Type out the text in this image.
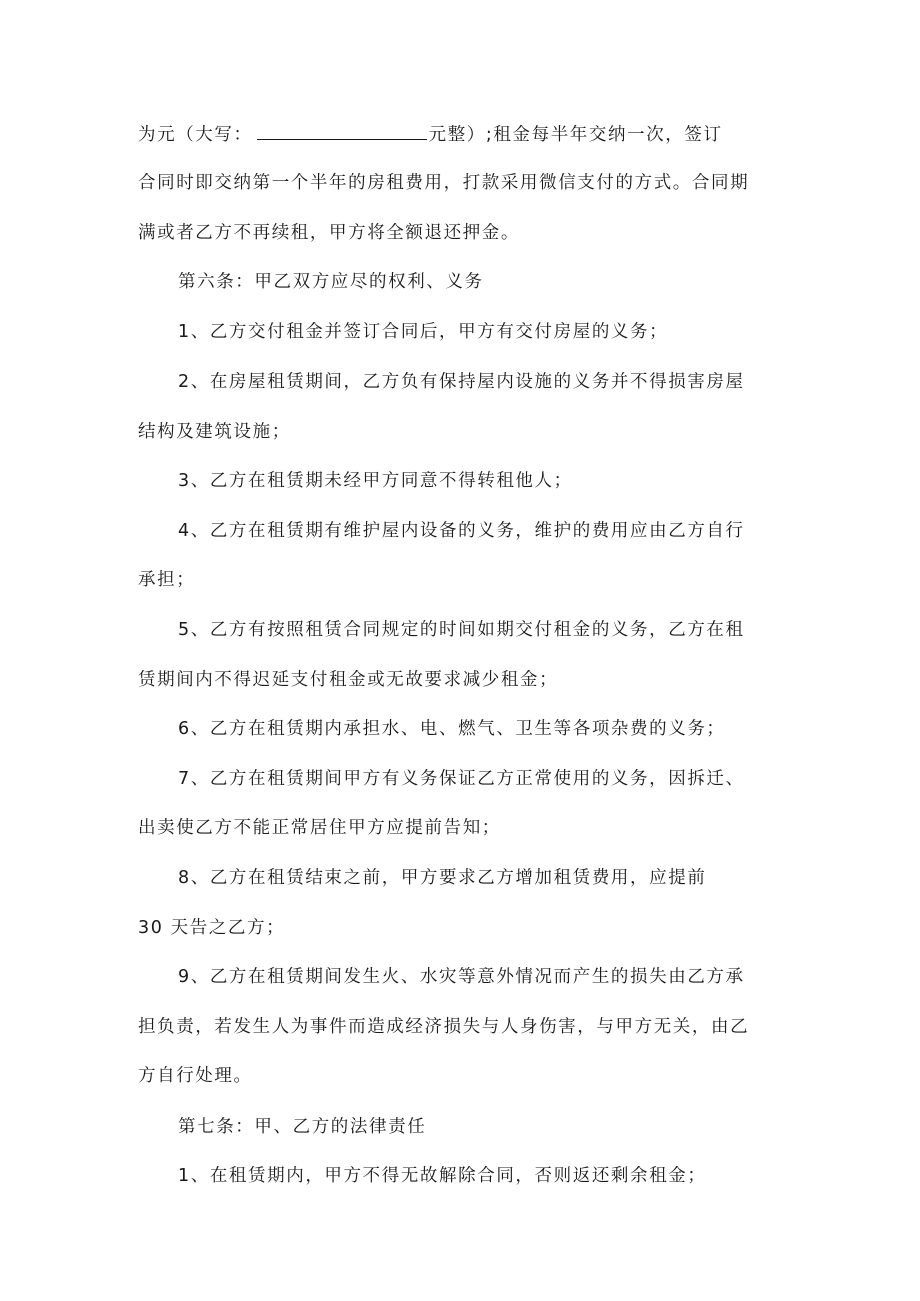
为元（大写：	元整）;租金每半年交纳一次，签订
合同时即交纳第一个半年的房租费用，打款采用微信支付的方式。合同期
满或者乙方不再续租，甲方将全额退还押金。
第六条：甲乙双方应尽的权利、义务
1、乙方交付租金并签订合同后，甲方有交付房屋的义务；
2、在房屋租赁期间，乙方负有保持屋内设施的义务并不得损害房屋
结构及建筑设施；
3、乙方在租赁期未经甲方同意不得转租他人；
4、乙方在租赁期有维护屋内设备的义务，维护的费用应由乙方自行
承担；
5、乙方有按照租赁合同规定的时间如期交付租金的义务，乙方在租
赁期间内不得迟延支付租金或无故要求减少租金；
6、乙方在租赁期内承担水、电、燃气、卫生等各项杂费的义务；
7、乙方在租赁期间甲方有义务保证乙方正常使用的义务，因拆迁、
出卖使乙方不能正常居住甲方应提前告知；
8、乙方在租赁结束之前，甲方要求乙方增加租赁费用，应提前
30 天告之乙方；
9、乙方在租赁期间发生火、水灾等意外情况而产生的损失由乙方承
担负责，若发生人为事件而造成经济损失与人身伤害，与甲方无关，由乙
方自行处理。
第七条：甲、乙方的法律责任
1、在租赁期内，甲方不得无故解除合同，否则返还剩余租金；
